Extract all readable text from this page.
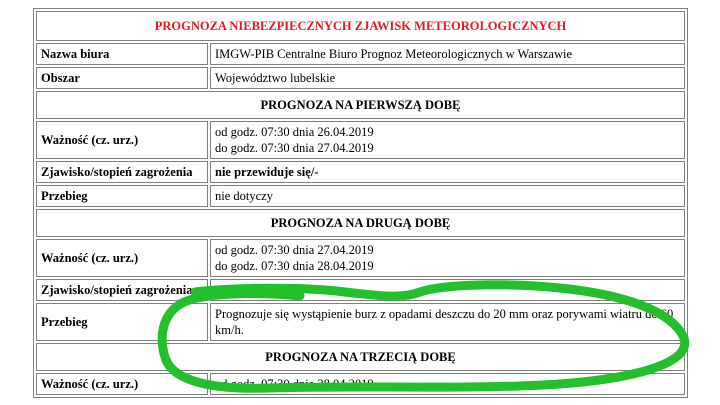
PROGNOZA NIEBEZPIECZNYCH ZJAWISK METEOROLOGICZNYCH	
Nazwa biura	IMGW-PIB Centralne Biuro Prognoz Meteorologicznych w Warszawie
Obszar	Województwo lubelskie
PROGNOZA NA PIERWSZĄ DOBĘ	
Ważność (cz. urz.)	od godz. 07:30 dnia 26.04.2019
do godz. 07:30 dnia 27.04.2019

Zjawisko/stopień zagrożenia	nie przewiduje się/-
Przebieg	nie dotyczy
PROGNOZA NA DRUGĄ DOBĘ	
Ważność (cz. urz.)	od godz. 07:30 dnia 27.04.2019
do godz. 07:30 dnia 28.04.2019

Zjawisko/stopień zagrożenia	Burze/1
Przebieg	Prognozuje się wystąpienie burz z opadami deszczu do 20 mm oraz porywami wiatru do 60 km/h.
PROGNOZA NA TRZECIĄ DOBĘ	
Ważność (cz. urz.)	od godz. 07:30 dnia 28.04.2019
